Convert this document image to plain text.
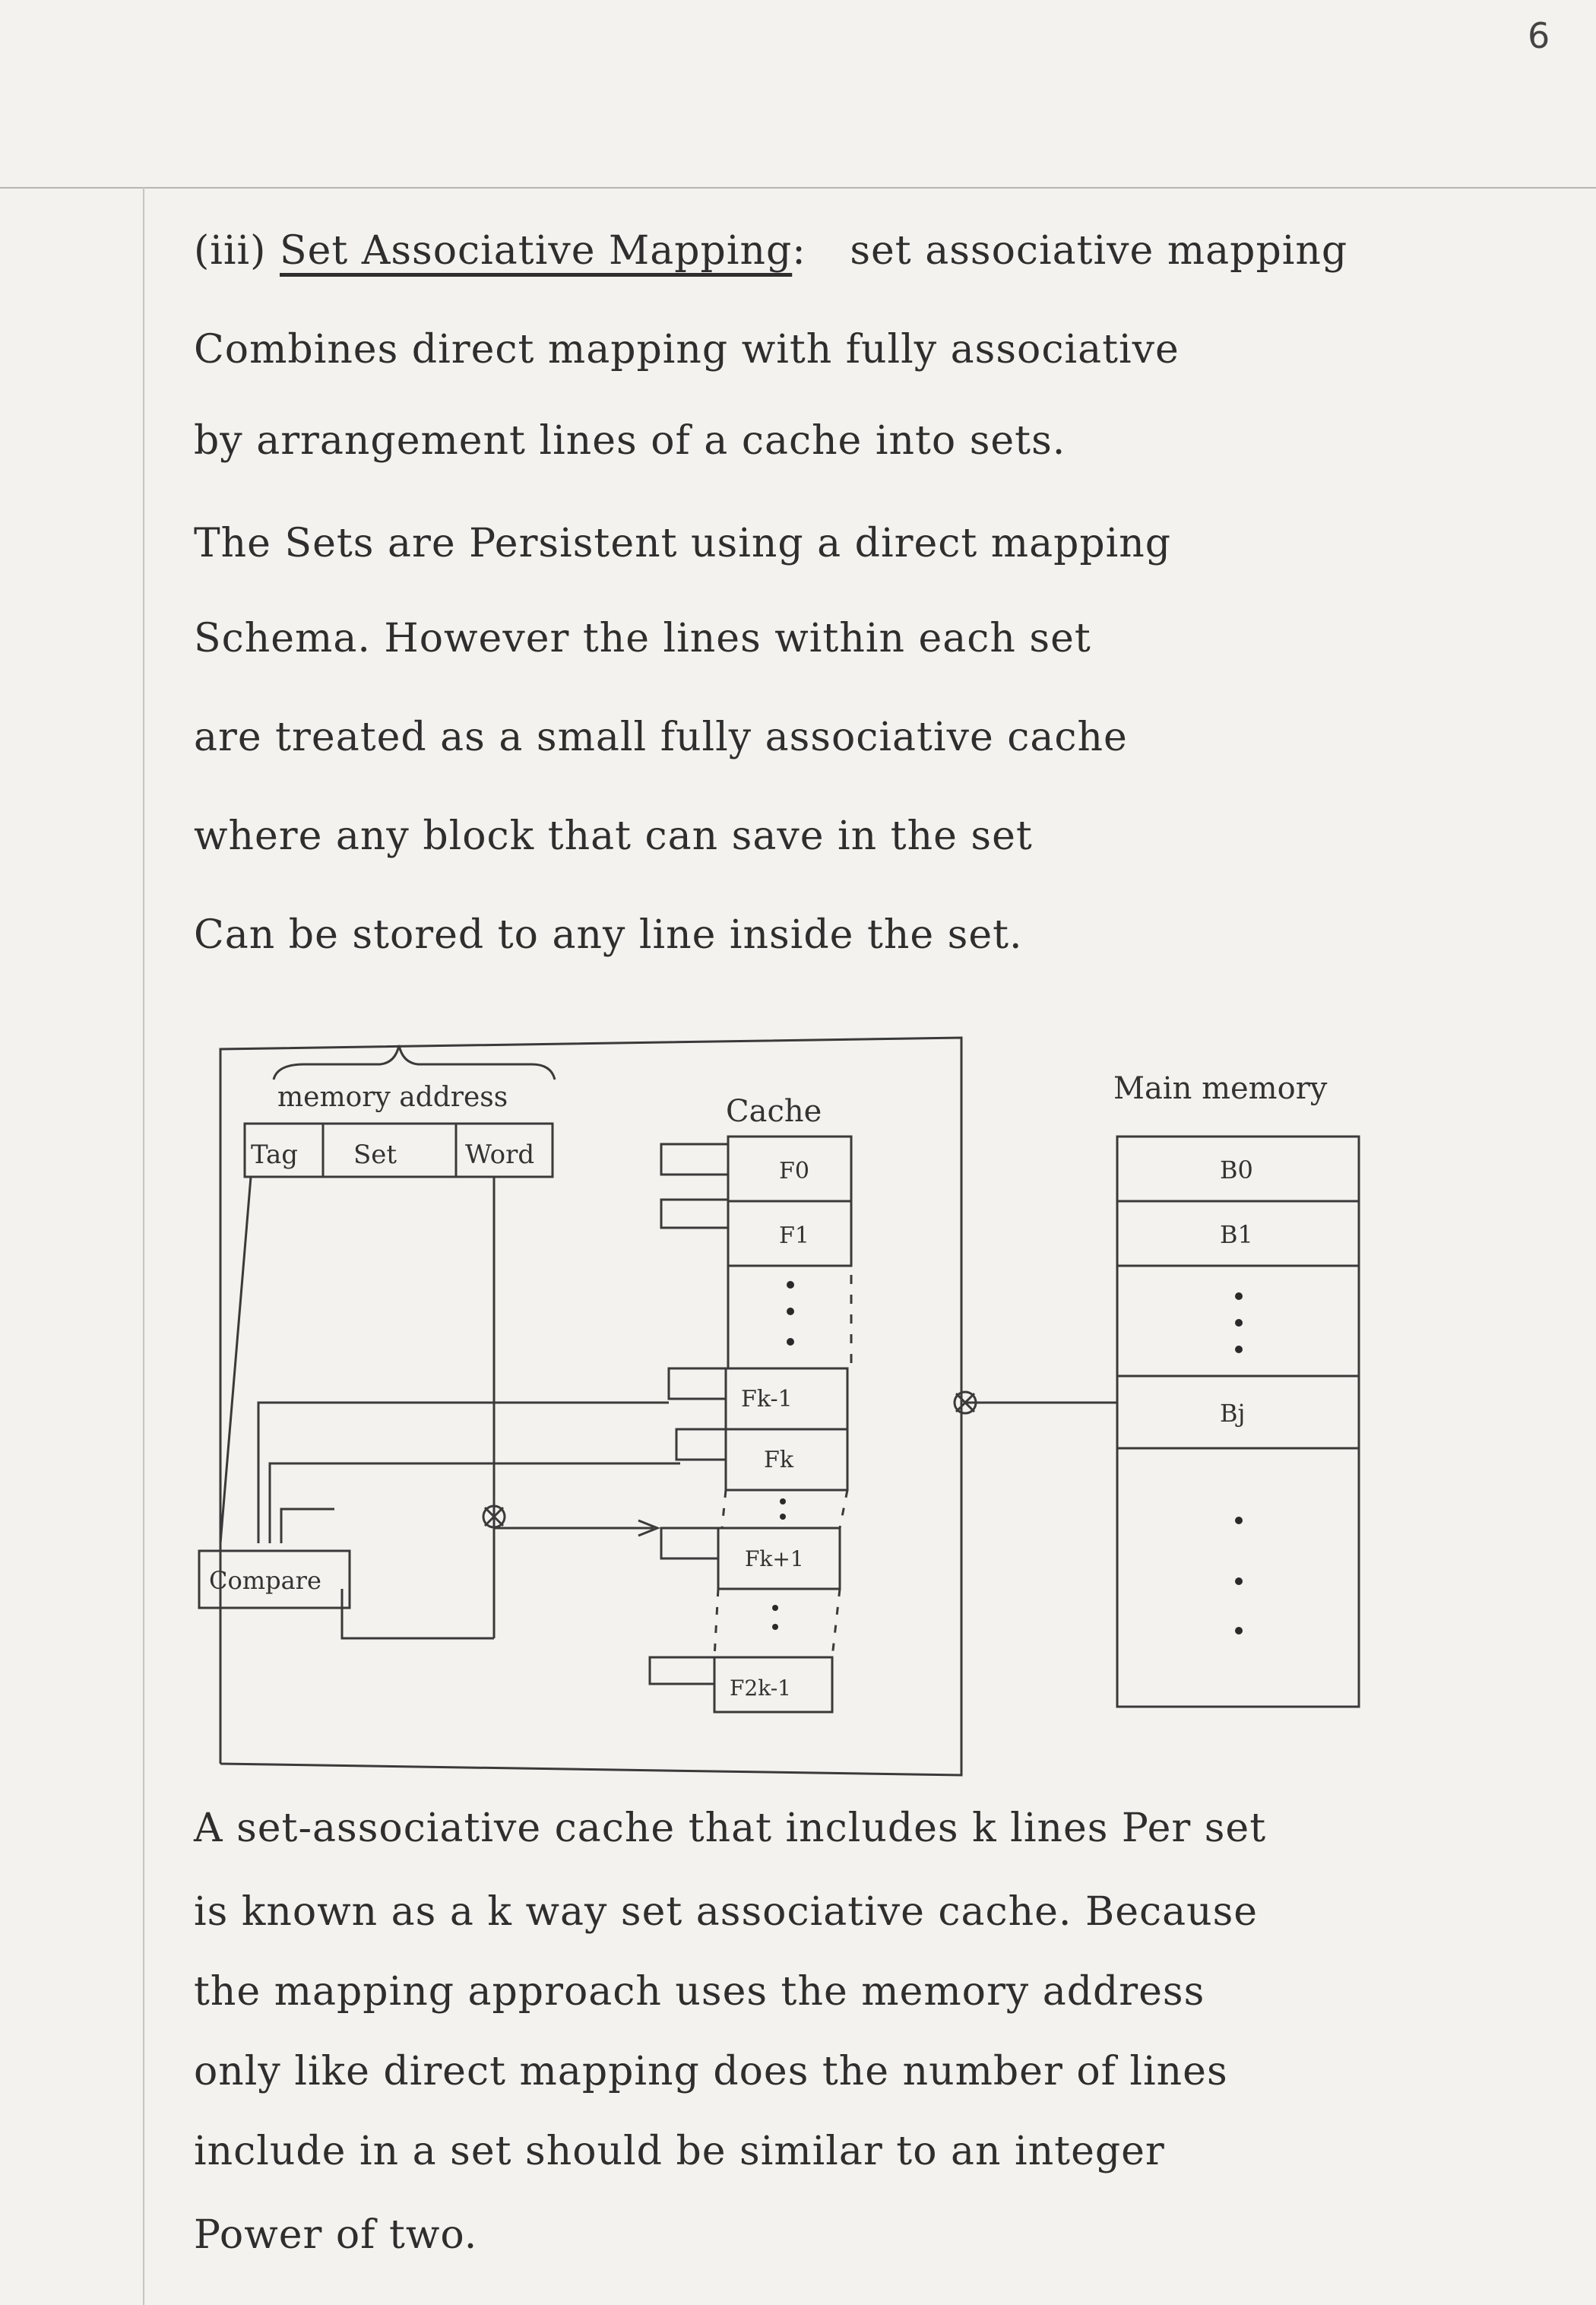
6
(iii) Set Associative Mapping: set associative mapping
Combines direct mapping with fully associative
by arrangement lines of a cache into sets.
The Sets are Persistent using a direct mapping
Schema. However the lines within each set
are treated as a small fully associative cache
where any block that can save in the set
Can be stored to any line inside the set.
memory address
Tag Set	Word
Cache
F0
F1
Fk-1
Fk
Fk+1
F2k-1
Compare
Main memory
B0
B1
Bj
A set-associative cache that includes k lines Per set
is known as a k way set associative cache. Because
the mapping approach uses the memory address
only like direct mapping does the number of lines
include in a set should be similar to an integer
Power of two.
